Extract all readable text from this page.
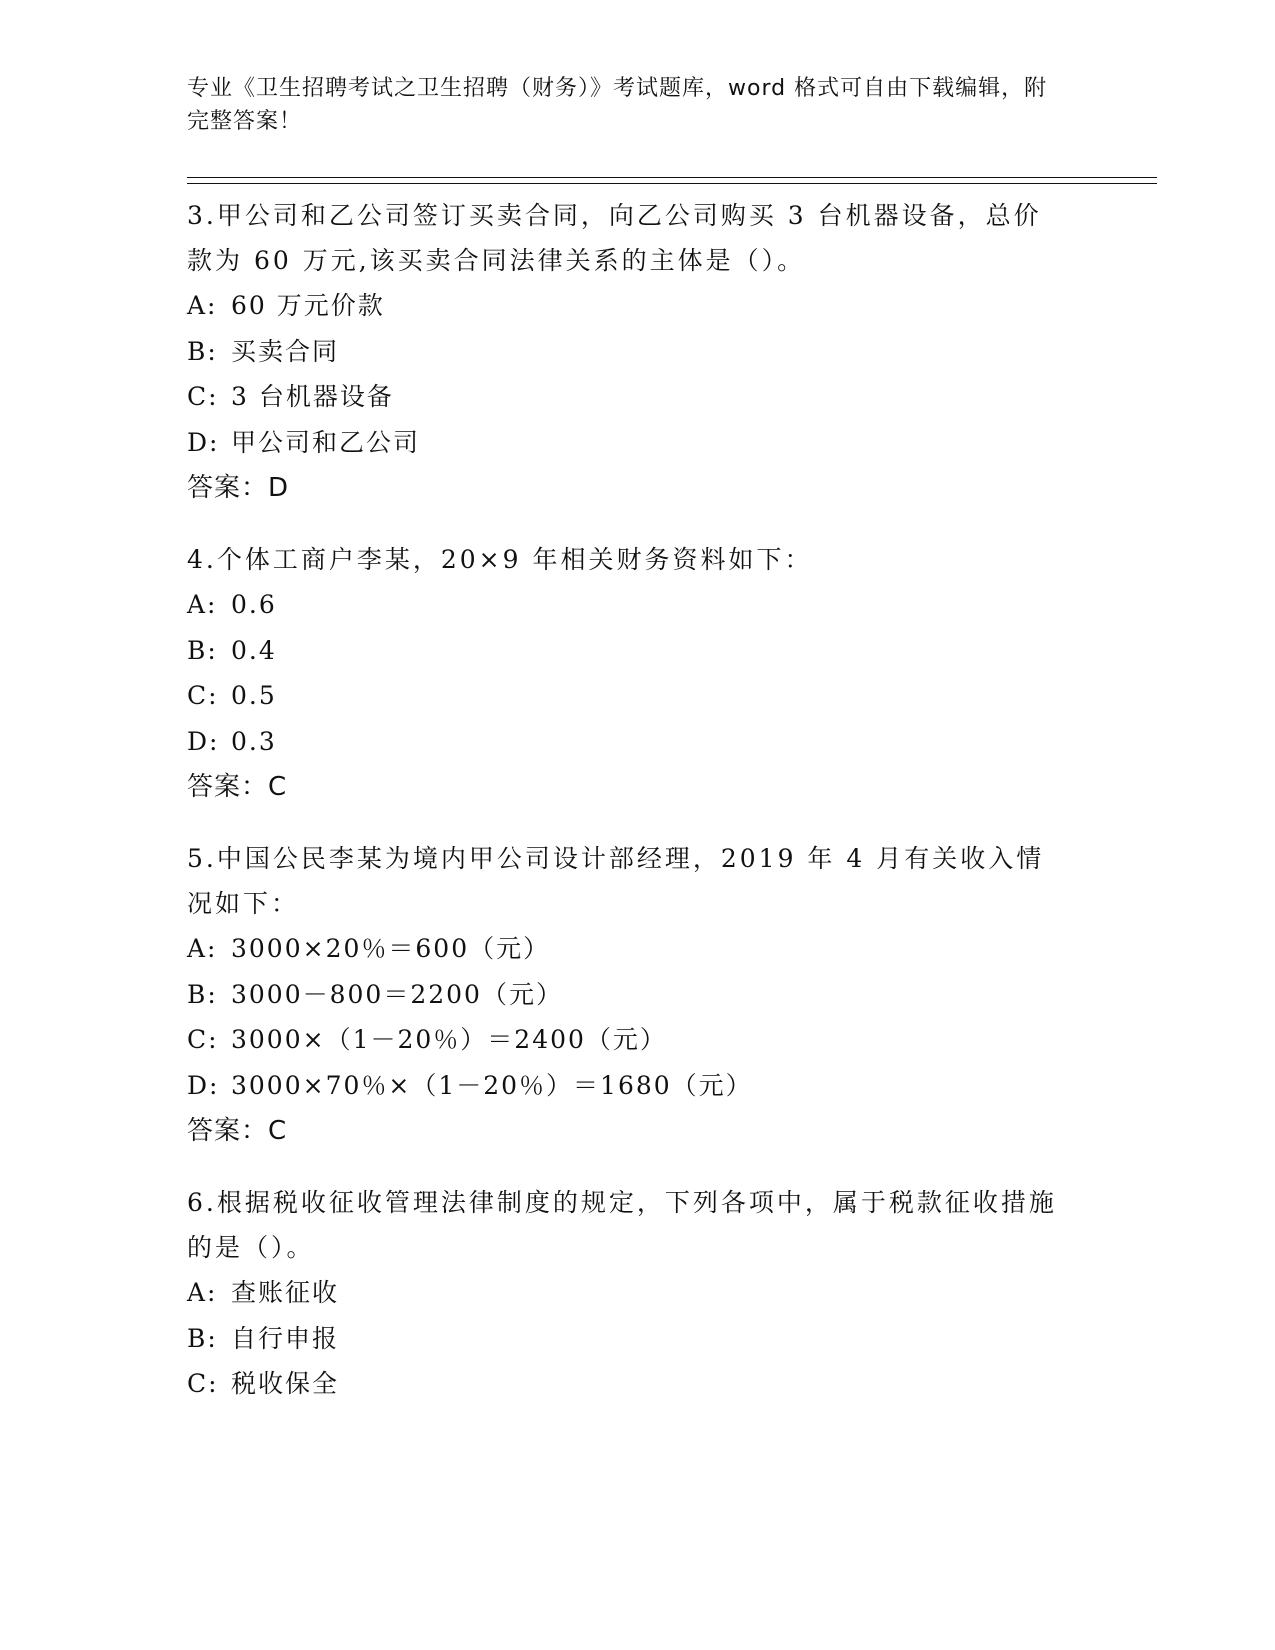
专业《卫生招聘考试之卫生招聘（财务）》考试题库，word 格式可自由下载编辑，附完整答案！

3.甲公司和乙公司签订买卖合同，向乙公司购买 3 台机器设备，总价款为 60 万元,该买卖合同法律关系的主体是（）。

A: 60 万元价款
B: 买卖合同
C: 3 台机器设备
D: 甲公司和乙公司
答案：D

4.个体工商户李某，20×9 年相关财务资料如下：

A: 0.6
B: 0.4
C: 0.5
D: 0.3
答案：C

5.中国公民李某为境内甲公司设计部经理，2019 年 4 月有关收入情况如下：

A: 3000×20％＝600（元）
B: 3000－800＝2200（元）
C: 3000×（1－20％）＝2400（元）
D: 3000×70％×（1－20％）＝1680（元）
答案：C

6.根据税收征收管理法律制度的规定，下列各项中，属于税款征收措施的是（）。

A: 查账征收
B: 自行申报
C: 税收保全
